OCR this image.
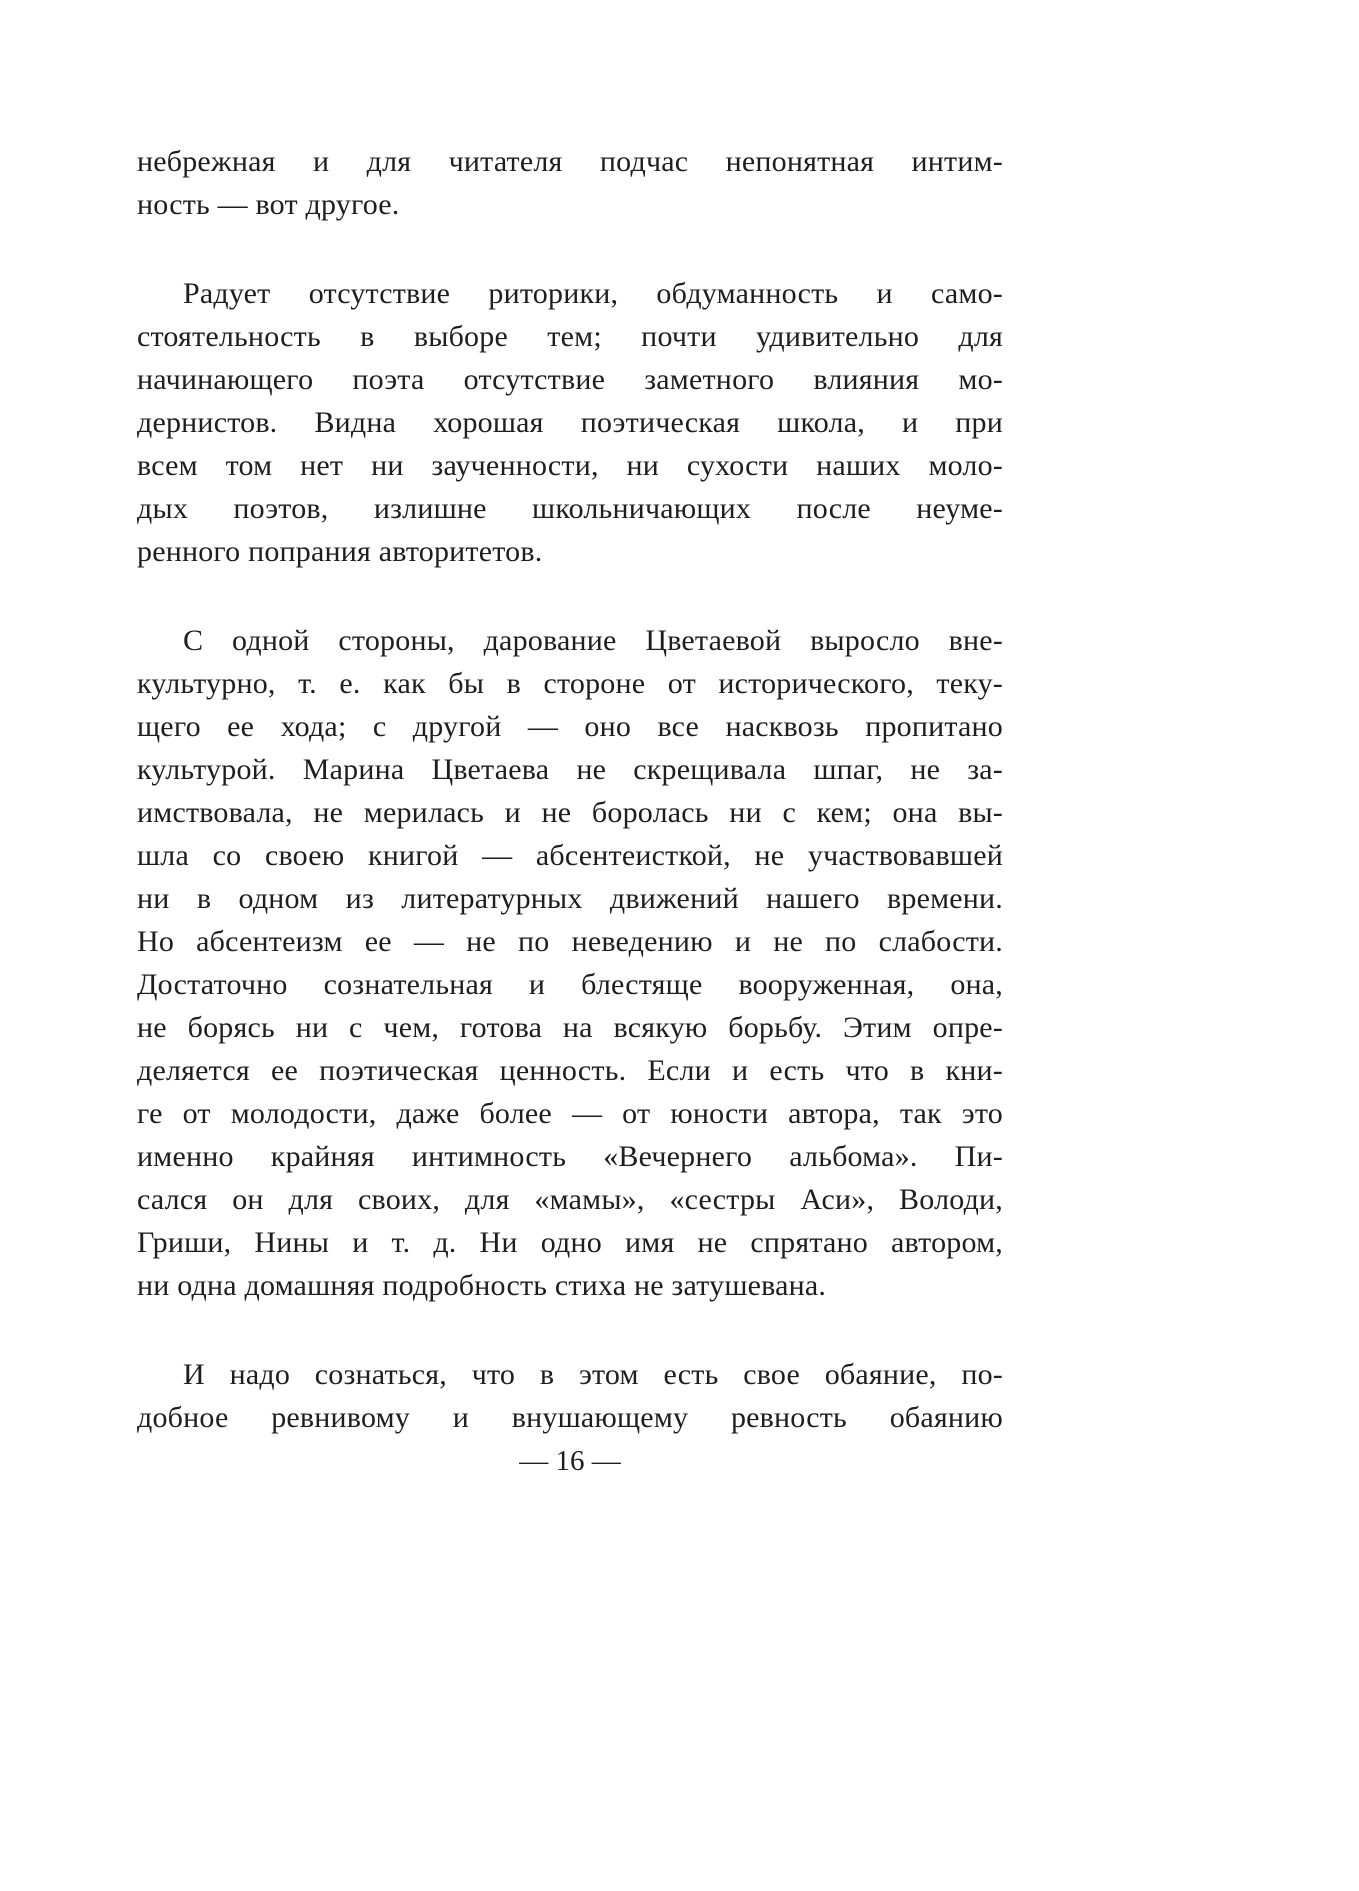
небрежная и для читателя подчас непонятная интим-
ность — вот другое.
Радует отсутствие риторики, обдуманность и само-
стоятельность в выборе тем; почти удивительно для
начинающего поэта отсутствие заметного влияния мо-
дернистов. Видна хорошая поэтическая школа, и при
всем том нет ни заученности, ни сухости наших моло-
дых поэтов, излишне школьничающих после неуме-
ренного попрания авторитетов.
С одной стороны, дарование Цветаевой выросло вне-
культурно, т. е. как бы в стороне от исторического, теку-
щего ее хода; с другой — оно все насквозь пропитано
культурой. Марина Цветаева не скрещивала шпаг, не за-
имствовала, не мерилась и не боролась ни с кем; она вы-
шла со своею книгой — абсентеисткой, не участвовавшей
ни в одном из литературных движений нашего времени.
Но абсентеизм ее — не по неведению и не по слабости.
Достаточно сознательная и блестяще вооруженная, она,
не борясь ни с чем, готова на всякую борьбу. Этим опре-
деляется ее поэтическая ценность. Если и есть что в кни-
ге от молодости, даже более — от юности автора, так это
именно крайняя интимность «Вечернего альбома». Пи-
сался он для своих, для «мамы», «сестры Аси», Володи,
Гриши, Нины и т. д. Ни одно имя не спрятано автором,
ни одна домашняя подробность стиха не затушевана.
И надо сознаться, что в этом есть свое обаяние, по-
добное ревнивому и внушающему ревность обаянию
— 16 —
